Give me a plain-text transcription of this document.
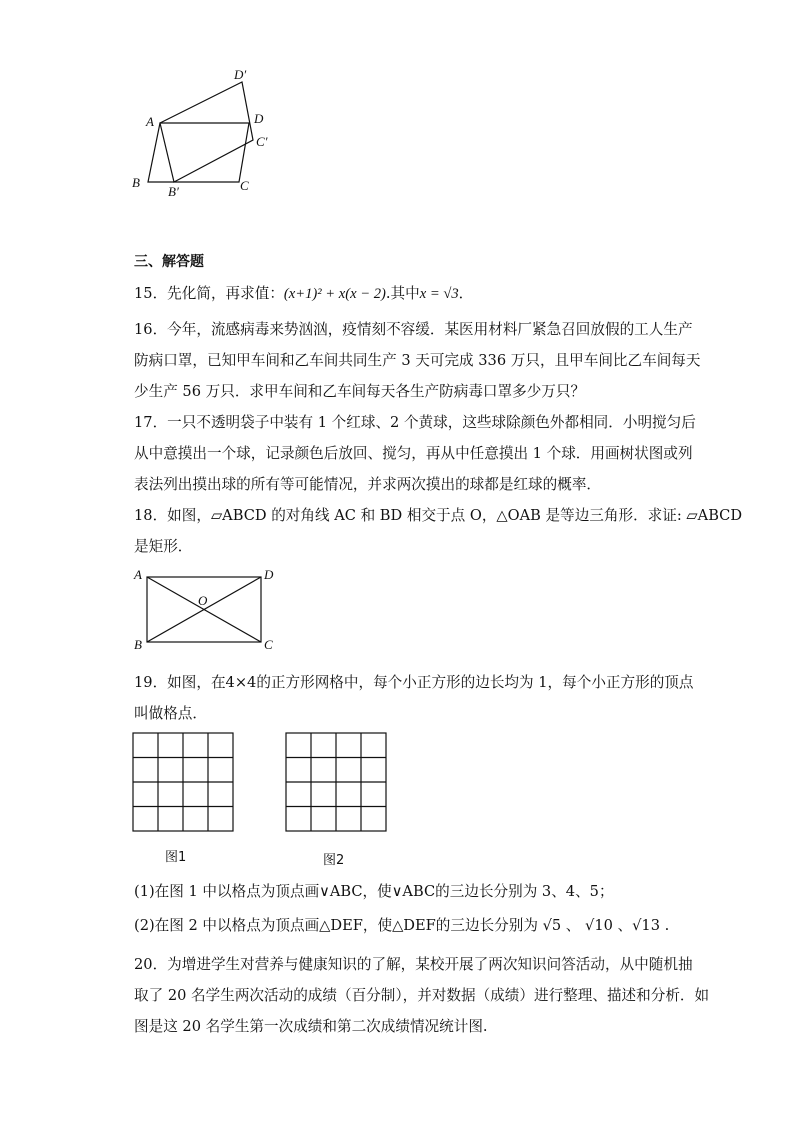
D′
A	D
C′
B
B′	C
三、解答题
15．先化简，再求值：(x+1)² + x(x − 2).其中x = √3．
16．今年，流感病毒来势汹汹，疫情刻不容缓．某医用材料厂紧急召回放假的工人生产
防病口罩，已知甲车间和乙车间共同生产 3 天可完成 336 万只，且甲车间比乙车间每天
少生产 56 万只．求甲车间和乙车间每天各生产防病毒口罩多少万只？
17．一只不透明袋子中装有 1 个红球、2 个黄球，这些球除颜色外都相同．小明搅匀后
从中意摸出一个球，记录颜色后放回、搅匀，再从中任意摸出 1 个球．用画树状图或列
表法列出摸出球的所有等可能情况，并求两次摸出的球都是红球的概率．
18．如图，▱ABCD 的对角线 AC 和 BD 相交于点 O，△OAB 是等边三角形．求证: ▱ABCD
是矩形．
A	D
O
B	C
19．如图，在4×4的正方形网格中，每个小正方形的边长均为 1，每个小正方形的顶点
叫做格点．
图1	图2
(1)在图 1 中以格点为顶点画∨ABC，使∨ABC的三边长分别为 3、4、5；
(2)在图 2 中以格点为顶点画△DEF，使△DEF的三边长分别为 √5 、 √10 、√13 .
20．为增进学生对营养与健康知识的了解，某校开展了两次知识问答活动，从中随机抽
取了 20 名学生两次活动的成绩（百分制），并对数据（成绩）进行整理、描述和分析．如
图是这 20 名学生第一次成绩和第二次成绩情况统计图.
